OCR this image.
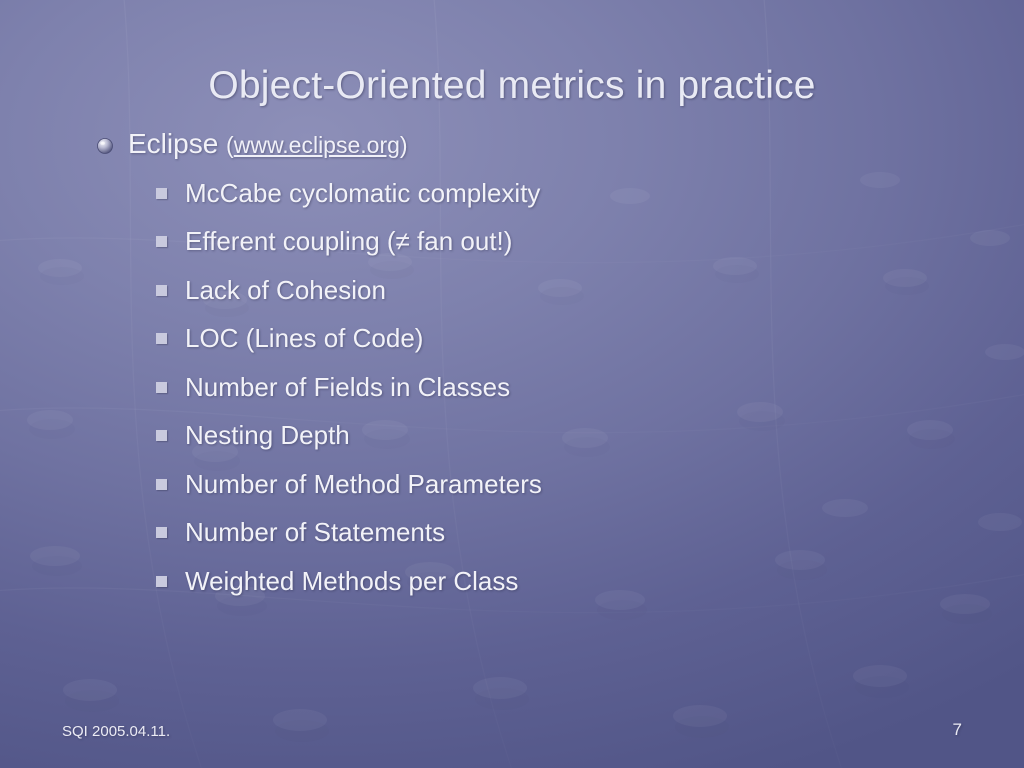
Object-Oriented metrics in practice
Eclipse (www.eclipse.org)
McCabe cyclomatic complexity
Efferent coupling (≠ fan out!)
Lack of Cohesion
LOC (Lines of Code)
Number of Fields in Classes
Nesting Depth
Number of Method Parameters
Number of Statements
Weighted Methods per Class
SQI 2005.04.11.	7
